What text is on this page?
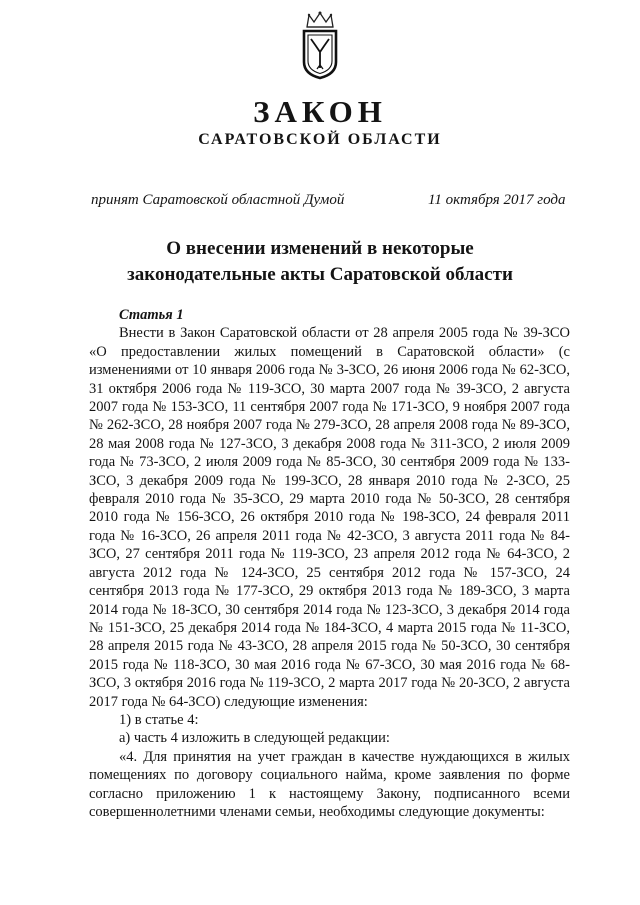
ЗАКОН
САРАТОВСКОЙ ОБЛАСТИ
принят Саратовской областной Думой	11 октября 2017 года
О внесении изменений в некоторые
законодательные акты Саратовской области

Статья 1

Внести в Закон Саратовской области от 28 апреля 2005 года № 39-ЗСО «О предоставлении жилых помещений в Саратовской области» (с изменениями от 10 января 2006 года № 3-ЗСО, 26 июня 2006 года № 62-ЗСО, 31 октября 2006 года № 119-ЗСО, 30 марта 2007 года № 39-ЗСО, 2 августа 2007 года № 153-ЗСО, 11 сентября 2007 года № 171-ЗСО, 9 ноября 2007 года № 262-ЗСО, 28 ноября 2007 года № 279-ЗСО, 28 апреля 2008 года № 89-ЗСО, 28 мая 2008 года № 127-ЗСО, 3 декабря 2008 года № 311-ЗСО, 2 июля 2009 года № 73-ЗСО, 2 июля 2009 года № 85-ЗСО, 30 сентября 2009 года № 133-ЗСО, 3 декабря 2009 года № 199-ЗСО, 28 января 2010 года № 2-ЗСО, 25 февраля 2010 года № 35-ЗСО, 29 марта 2010 года № 50-ЗСО, 28 сентября 2010 года № 156-ЗСО, 26 октября 2010 года № 198-ЗСО, 24 февраля 2011 года № 16-ЗСО, 26 апреля 2011 года № 42-ЗСО, 3 августа 2011 года № 84-ЗСО, 27 сентября 2011 года № 119-ЗСО, 23 апреля 2012 года № 64-ЗСО, 2 августа 2012 года № 124-ЗСО, 25 сентября 2012 года № 157-ЗСО, 24 сентября 2013 года № 177-ЗСО, 29 октября 2013 года № 189-ЗСО, 3 марта 2014 года № 18-ЗСО, 30 сентября 2014 года № 123-ЗСО, 3 декабря 2014 года № 151-ЗСО, 25 декабря 2014 года № 184-ЗСО, 4 марта 2015 года № 11-ЗСО, 28 апреля 2015 года № 43-ЗСО, 28 апреля 2015 года № 50-ЗСО, 30 сентября 2015 года № 118-ЗСО, 30 мая 2016 года № 67-ЗСО, 30 мая 2016 года № 68-ЗСО, 3 октября 2016 года № 119-ЗСО, 2 марта 2017 года № 20-ЗСО, 2 августа 2017 года № 64-ЗСО) следующие изменения:

1) в статье 4:

а) часть 4 изложить в следующей редакции:

«4. Для принятия на учет граждан в качестве нуждающихся в жилых помещениях по договору социального найма, кроме заявления по форме согласно приложению 1 к настоящему Закону, подписанного всеми совершеннолетними членами семьи, необходимы следующие документы:
